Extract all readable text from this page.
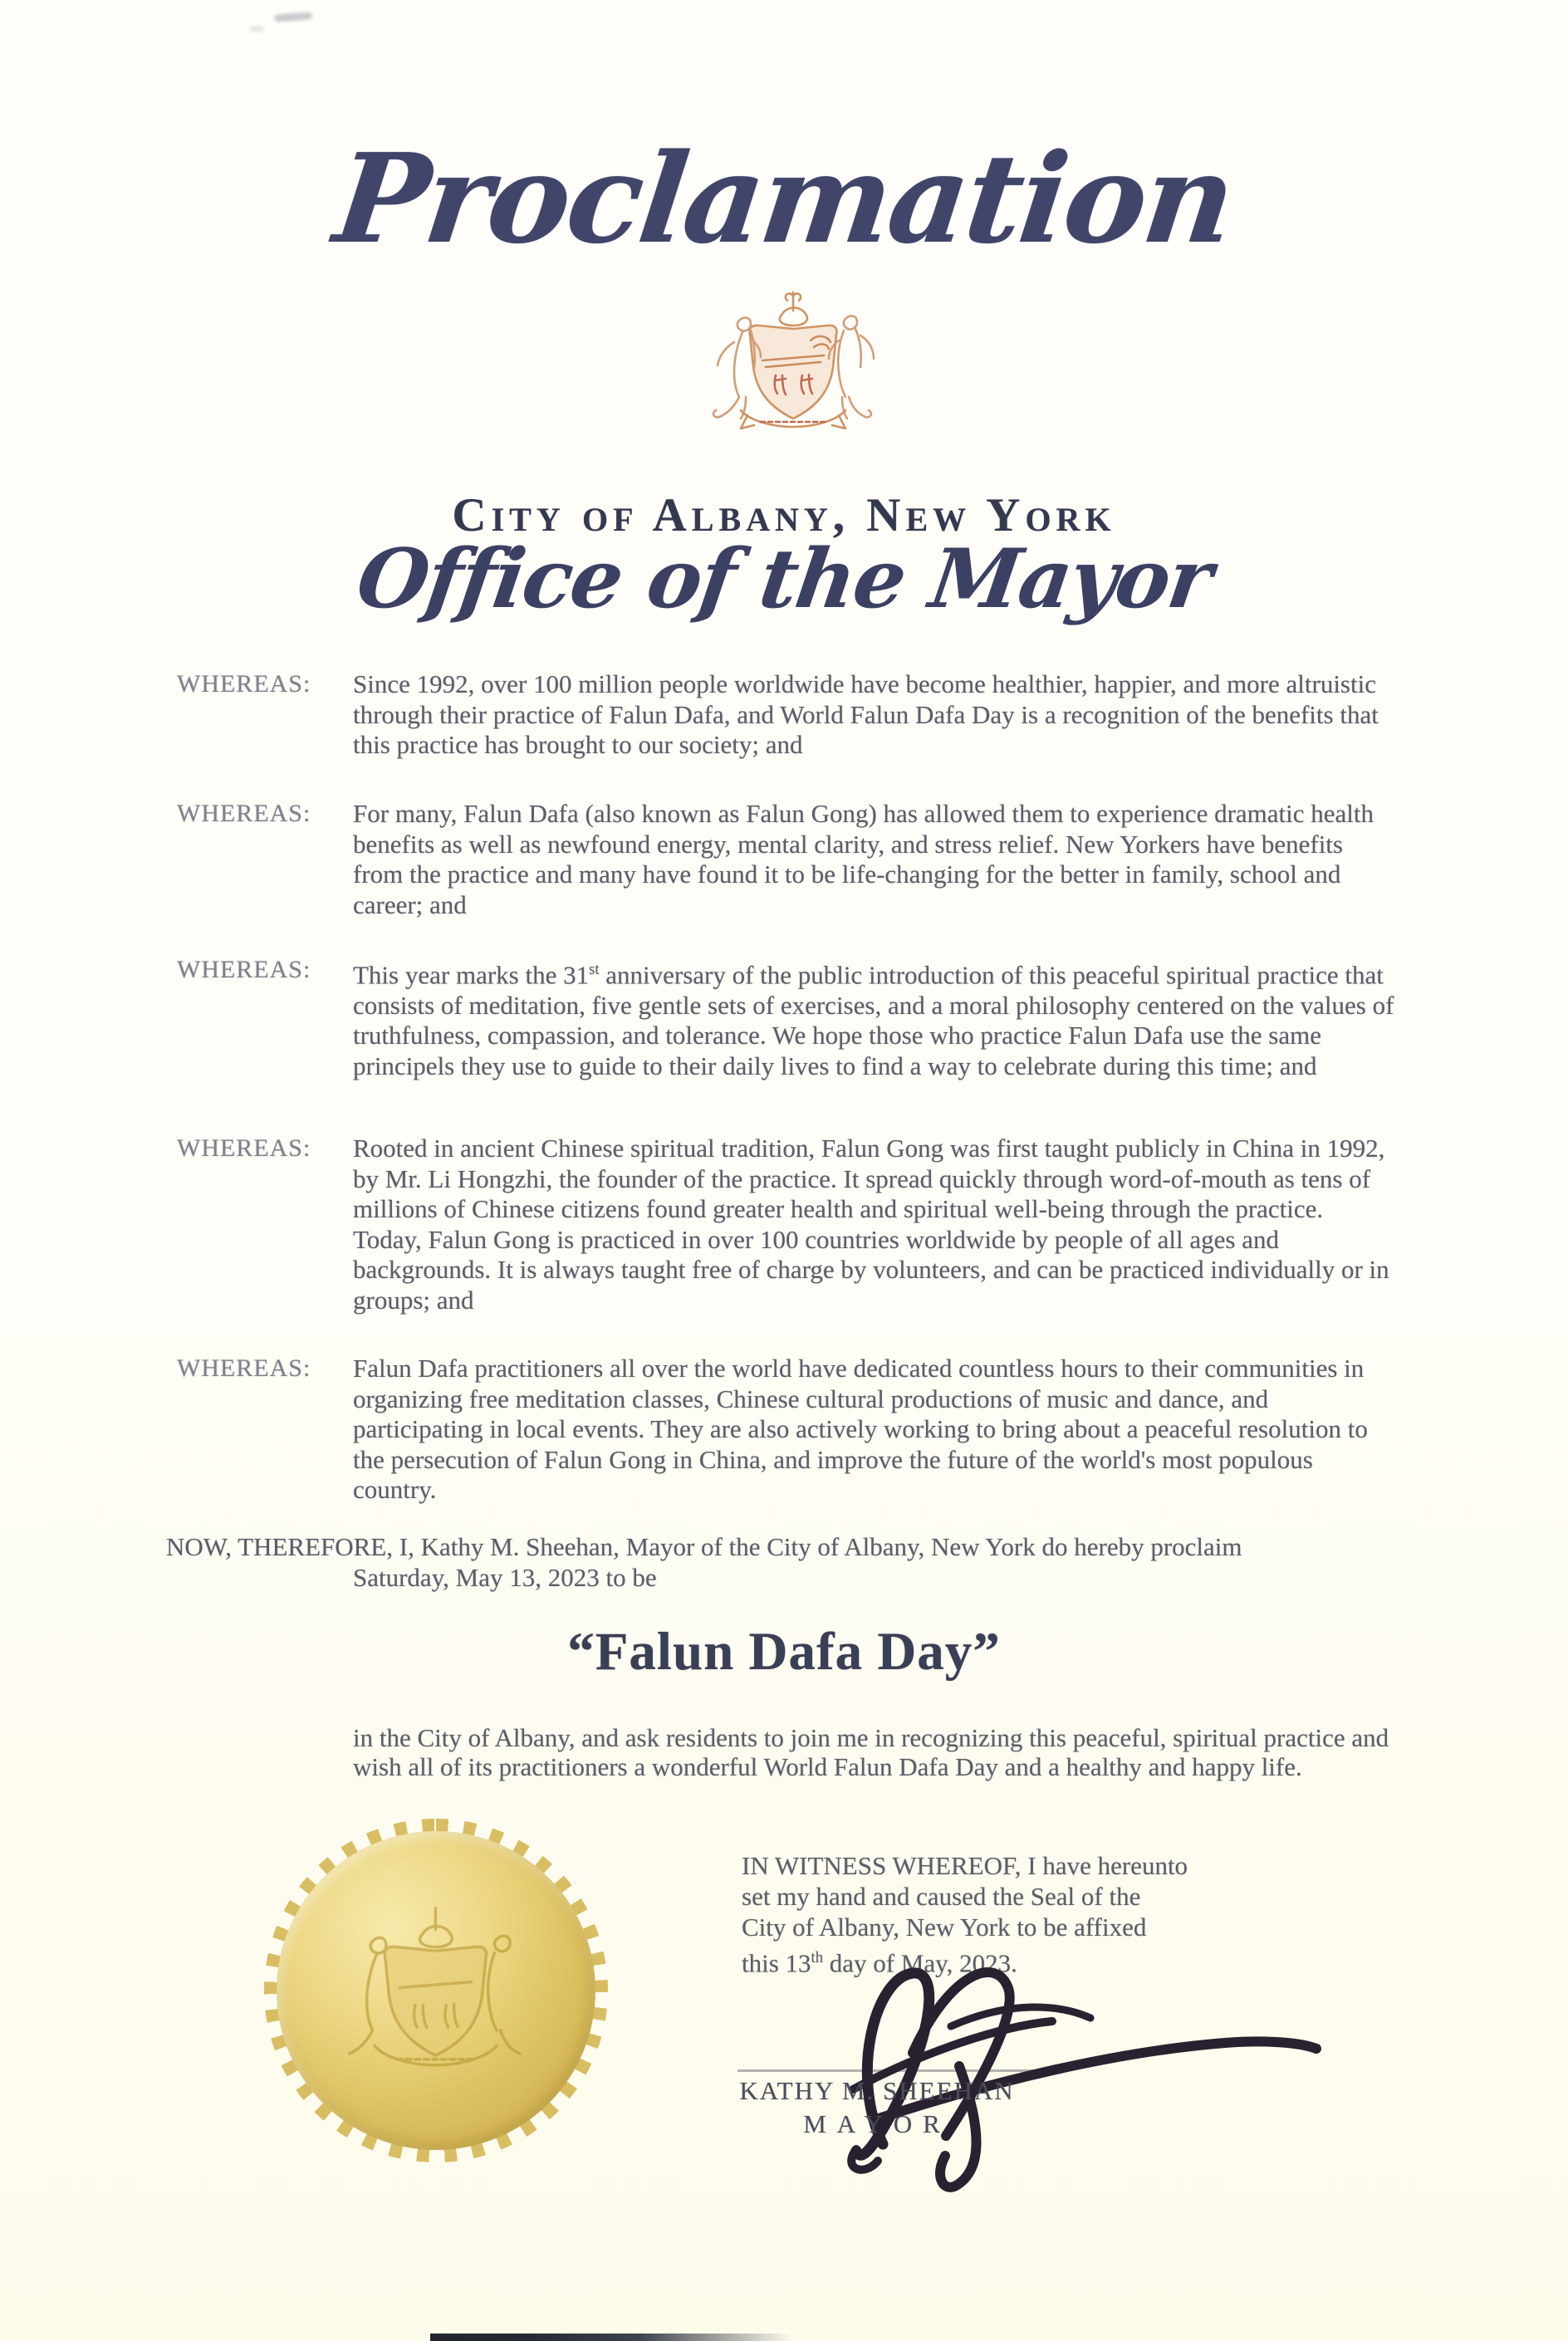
Proclamation
City of Albany, New York
Office of the Mayor
WHEREAS: Since 1992, over 100 million people worldwide have become healthier, happier, and more altruistic through their practice of Falun Dafa, and World Falun Dafa Day is a recognition of the benefits that this practice has brought to our society; and
WHEREAS: For many, Falun Dafa (also known as Falun Gong) has allowed them to experience dramatic health benefits as well as newfound energy, mental clarity, and stress relief. New Yorkers have benefits from the practice and many have found it to be life-changing for the better in family, school and career; and
WHEREAS: This year marks the 31st anniversary of the public introduction of this peaceful spiritual practice that consists of meditation, five gentle sets of exercises, and a moral philosophy centered on the values of truthfulness, compassion, and tolerance. We hope those who practice Falun Dafa use the same principels they use to guide to their daily lives to find a way to celebrate during this time; and
WHEREAS: Rooted in ancient Chinese spiritual tradition, Falun Gong was first taught publicly in China in 1992, by Mr. Li Hongzhi, the founder of the practice. It spread quickly through word-of-mouth as tens of millions of Chinese citizens found greater health and spiritual well-being through the practice. Today, Falun Gong is practiced in over 100 countries worldwide by people of all ages and backgrounds. It is always taught free of charge by volunteers, and can be practiced individually or in groups; and
WHEREAS: Falun Dafa practitioners all over the world have dedicated countless hours to their communities in organizing free meditation classes, Chinese cultural productions of music and dance, and participating in local events. They are also actively working to bring about a peaceful resolution to the persecution of Falun Gong in China, and improve the future of the world's most populous country.
NOW, THEREFORE, I, Kathy M. Sheehan, Mayor of the City of Albany, New York do hereby proclaim
Saturday, May 13, 2023 to be
“Falun Dafa Day”
in the City of Albany, and ask residents to join me in recognizing this peaceful, spiritual practice and wish all of its practitioners a wonderful World Falun Dafa Day and a healthy and happy life.
IN WITNESS WHEREOF, I have hereunto
set my hand and caused the Seal of the
City of Albany, New York to be affixed
this 13th day of May, 2023.
KATHY M. SHEEHAN
MAYOR
